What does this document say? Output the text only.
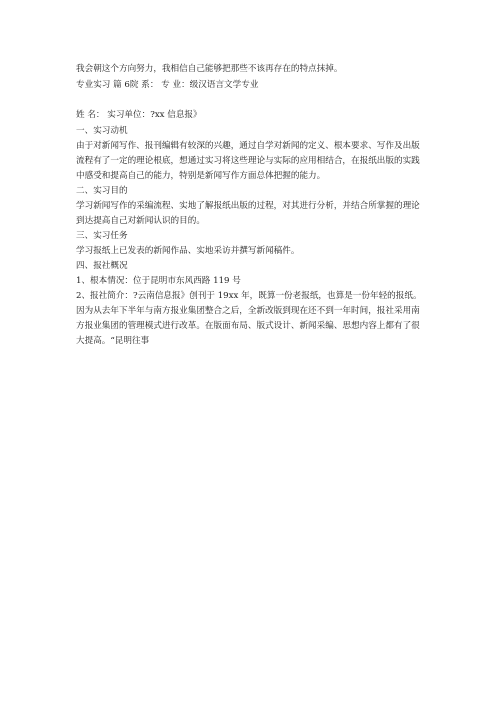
我会朝这个方向努力，我相信自己能够把那些不该再存在的特点抹掉。
专业实习 篇 6院 系： 专 业：级汉语言文学专业
姓 名： 实习单位：?xx 信息报》
一、实习动机
由于对新闻写作、报刊编辑有较深的兴趣，通过自学对新闻的定义、根本要求、写作及出版
流程有了一定的理论根底，想通过实习将这些理论与实际的应用相结合，在报纸出版的实践
中感受和提高自己的能力，特别是新闻写作方面总体把握的能力。
二、实习目的
学习新闻写作的采编流程、实地了解报纸出版的过程，对其进行分析，并结合所掌握的理论
到达提高自己对新闻认识的目的。
三、实习任务
学习报纸上已发表的新闻作品、实地采访并撰写新闻稿件。
四、报社概况
1、根本情况：位于昆明市东风西路 119 号
2、报社简介：?云南信息报》创刊于 19xx 年，既算一份老报纸，也算是一份年轻的报纸。
因为从去年下半年与南方报业集团整合之后，全新改版到现在还不到一年时间，报社采用南
方报业集团的管理模式进行改革。在版面布局、版式设计、新闻采编、思想内容上都有了很
大提高。“昆明往事
